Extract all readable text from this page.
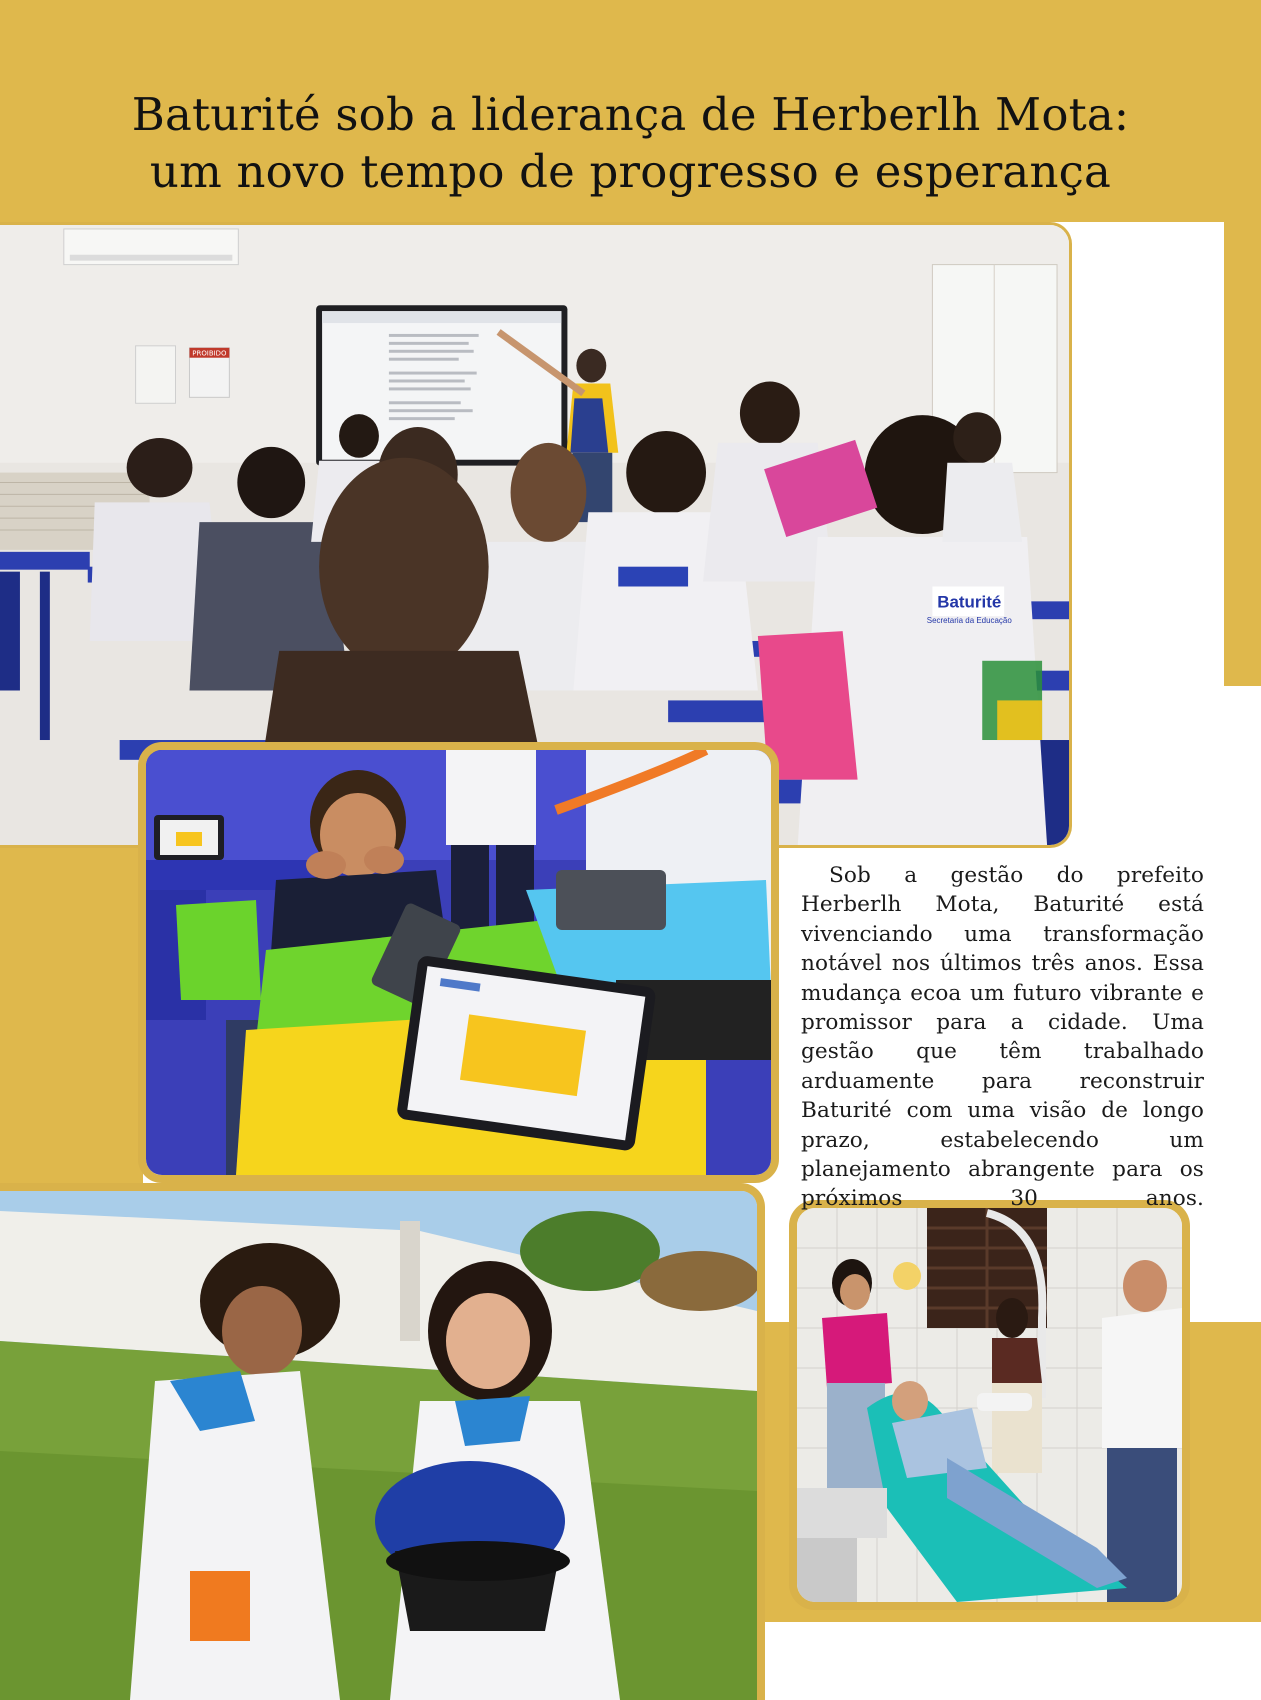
Baturité sob a liderança de Herberlh Mota:
um novo tempo de progresso e esperança
PROIBIDO
Baturité
Secretaria da Educação

Sob a gestão do prefeito Herberlh Mota, Baturité está vivenciando uma transformação notável nos últimos três anos. Essa mudança ecoa um futuro vibrante e promissor para a cidade. Uma gestão que têm trabalhado arduamente para reconstruir Baturité com uma visão de longo prazo, estabelecendo um planejamento abrangente para os próximos 30 anos.
